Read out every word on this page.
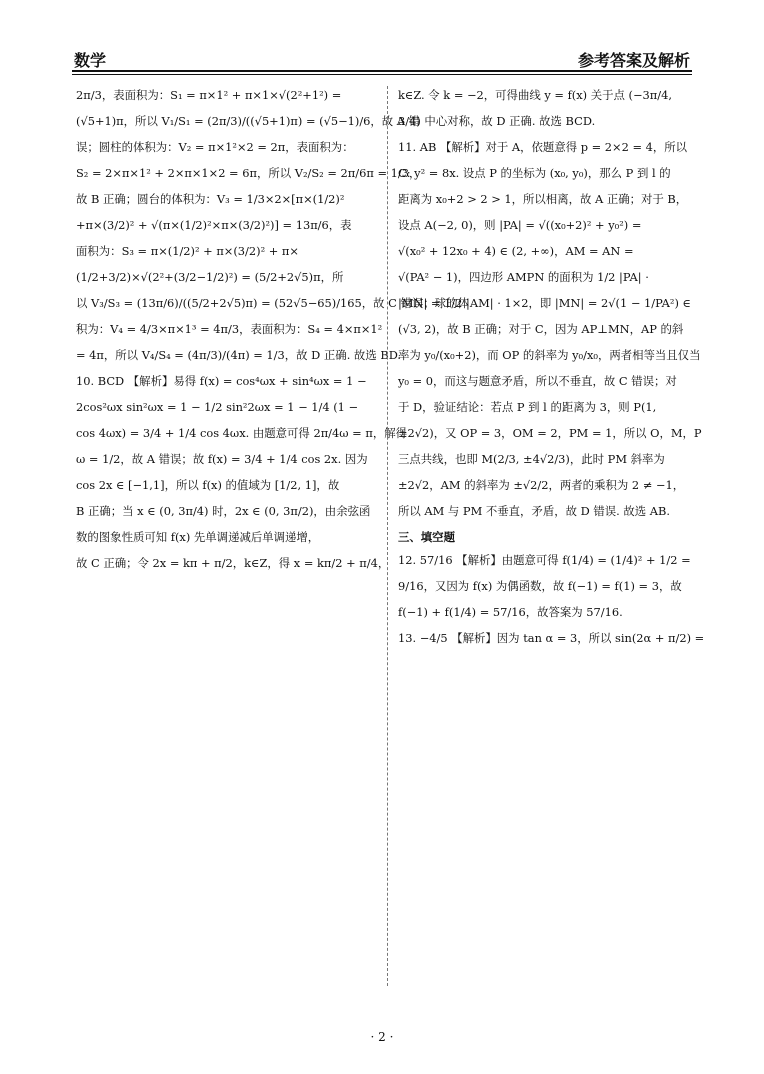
数学	参考答案及解析
2π/3，表面积为：S₁ = π×1² + π×1×√(2²+1²) =
(√5+1)π，所以 V₁/S₁ = (2π/3)/((√5+1)π) = (√5−1)/6，故 A 错
误；圆柱的体积为：V₂ = π×1²×2 = 2π，表面积为：
S₂ = 2×π×1² + 2×π×1×2 = 6π，所以 V₂/S₂ = 2π/6π = 1/3，
故 B 正确；圆台的体积为：V₃ = 1/3×2×[π×(1/2)²
+π×(3/2)² + √(π×(1/2)²×π×(3/2)²)] = 13π/6，表
面积为：S₃ = π×(1/2)² + π×(3/2)² + π×
(1/2+3/2)×√(2²+(3/2−1/2)²) = (5/2+2√5)π，所
以 V₃/S₃ = (13π/6)/((5/2+2√5)π) = (52√5−65)/165，故 C 错误；球的体
积为：V₄ = 4/3×π×1³ = 4π/3，表面积为：S₄ = 4×π×1²
= 4π，所以 V₄/S₄ = (4π/3)/(4π) = 1/3，故 D 正确. 故选 BD.
10. BCD 【解析】易得 f(x) = cos⁴ωx + sin⁴ωx = 1 −
2cos²ωx sin²ωx = 1 − 1/2 sin²2ωx = 1 − 1/4 (1 −
cos 4ωx) = 3/4 + 1/4 cos 4ωx. 由题意可得 2π/4ω = π，解得
ω = 1/2，故 A 错误；故 f(x) = 3/4 + 1/4 cos 2x. 因为
cos 2x ∈ [−1,1]，所以 f(x) 的值域为 [1/2, 1]，故
B 正确；当 x ∈ (0, 3π/4) 时，2x ∈ (0, 3π/2)，由余弦函
数的图象性质可知 f(x) 先单调递减后单调递增，
故 C 正确；令 2x = kπ + π/2，k∈Z，得 x = kπ/2 + π/4，
k∈Z. 令 k = −2，可得曲线 y = f(x) 关于点 (−3π/4,
3/4) 中心对称，故 D 正确. 故选 BCD.
11. AB 【解析】对于 A，依题意得 p = 2×2 = 4，所以
C: y² = 8x. 设点 P 的坐标为 (x₀, y₀)，那么 P 到 l 的
距离为 x₀+2 > 2 > 1，所以相离，故 A 正确；对于 B，
设点 A(−2, 0)，则 |PA| = √((x₀+2)² + y₀²) =
√(x₀² + 12x₀ + 4) ∈ (2, +∞)，AM = AN =
√(PA² − 1)，四边形 AMPN 的面积为 1/2 |PA| ·
|MN| = 1/2 |AM| · 1×2，即 |MN| = 2√(1 − 1/PA²) ∈
(√3, 2)，故 B 正确；对于 C，因为 AP⊥MN，AP 的斜
率为 y₀/(x₀+2)，而 OP 的斜率为 y₀/x₀，两者相等当且仅当
y₀ = 0，而这与题意矛盾，所以不垂直，故 C 错误；对
于 D，验证结论：若点 P 到 l 的距离为 3，则 P(1,
±2√2)，又 OP = 3，OM = 2，PM = 1，所以 O，M，P
三点共线，也即 M(2/3, ±4√2/3)，此时 PM 斜率为
±2√2，AM 的斜率为 ±√2/2，两者的乘积为 2 ≠ −1，
所以 AM 与 PM 不垂直，矛盾，故 D 错误. 故选 AB.
三、填空题
12. 57/16 【解析】由题意可得 f(1/4) = (1/4)² + 1/2 =
9/16，又因为 f(x) 为偶函数，故 f(−1) = f(1) = 3，故
f(−1) + f(1/4) = 57/16，故答案为 57/16.
13. −4/5 【解析】因为 tan α = 3，所以 sin(2α + π/2) =
· 2 ·
